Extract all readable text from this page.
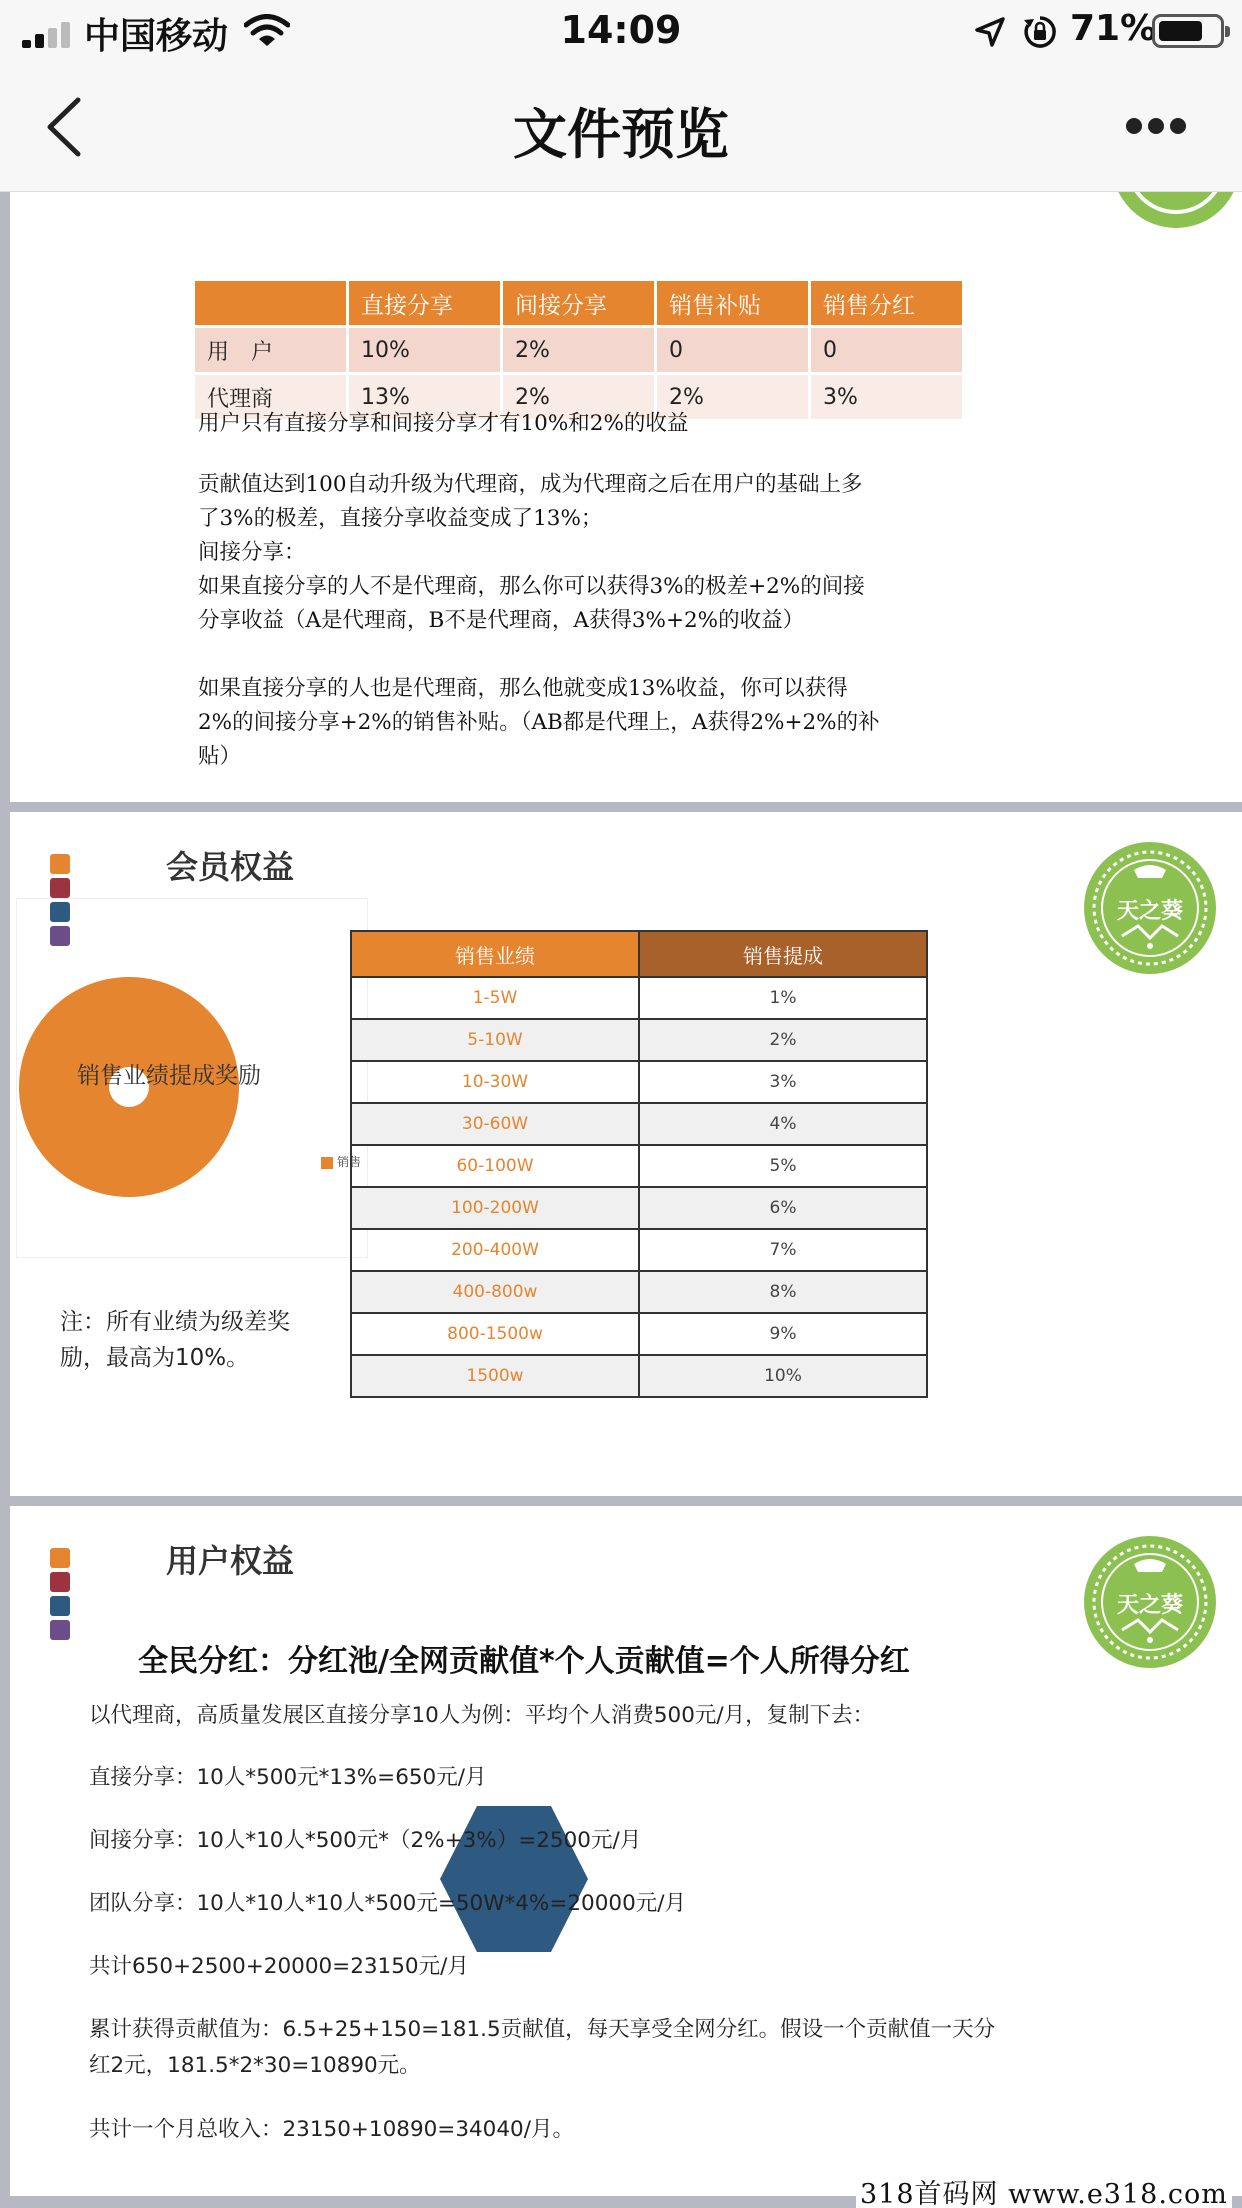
中国移动	14:09	71%
文件预览
	直接分享	间接分享	销售补贴	销售分红
用　户	10%	2%	0	0
代理商	13%	2%	2%	3%
用户只有直接分享和间接分享才有10%和2%的收益
贡献值达到100自动升级为代理商，成为代理商之后在用户的基础上多
了3%的极差，直接分享收益变成了13%；
间接分享：
如果直接分享的人不是代理商，那么你可以获得3%的极差+2%的间接
分享收益（A是代理商，B不是代理商，A获得3%+2%的收益）
如果直接分享的人也是代理商，那么他就变成13%收益，你可以获得
2%的间接分享+2%的销售补贴。（AB都是代理上，A获得2%+2%的补
贴）
会员权益
天之葵
销售业绩提成奖励
销售
注：所有业绩为级差奖励，最高为10%。
销售业绩	销售提成
1-5W	1%
5-10W	2%
10-30W	3%
30-60W	4%
60-100W	5%
100-200W	6%
200-400W	7%
400-800w	8%
800-1500w	9%
1500w	10%
用户权益
天之葵
全民分红：分红池/全网贡献值*个人贡献值=个人所得分红
以代理商，高质量发展区直接分享10人为例：平均个人消费500元/月，复制下去：
直接分享：10人*500元*13%=650元/月
间接分享：10人*10人*500元*（2%+3%）=2500元/月
团队分享：10人*10人*10人*500元=50W*4%=20000元/月
共计650+2500+20000=23150元/月
累计获得贡献值为：6.5+25+150=181.5贡献值，每天享受全网分红。假设一个贡献值一天分
红2元，181.5*2*30=10890元。
共计一个月总收入：23150+10890=34040/月。
318首码网 www.e318.com
